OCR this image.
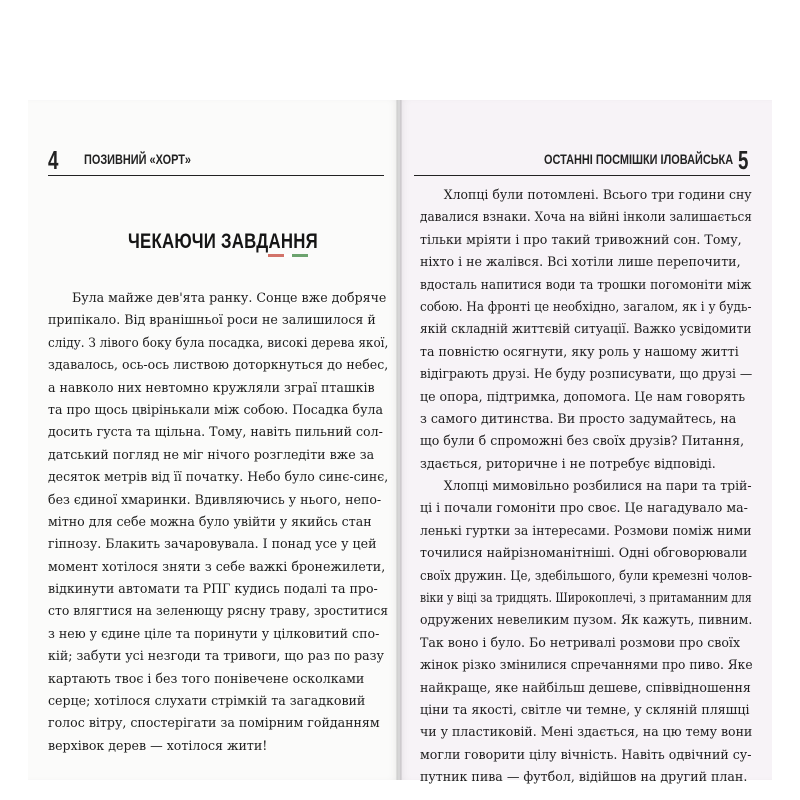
4 ПОЗИВНИЙ «ХОРТ»	ОСТАННІ ПОСМІШКИ ІЛОВАЙСЬКА 5
ЧЕКАЮЧИ ЗАВДАННЯ
Була майже дев'ята ранку. Сонце вже добряче
припікало. Від вранішньої роси не залишилося й
сліду. З лівого боку була посадка, високі дерева якої,
здавалось, ось-ось листвою доторкнуться до небес,
а навколо них невтомно кружляли зграї пташків
та про щось цвірінькали між собою. Посадка була
досить густа та щільна. Тому, навіть пильний сол-
датський погляд не міг нічого розгледіти вже за
десяток метрів від її початку. Небо було синє-синє,
без єдиної хмаринки. Вдивляючись у нього, непо-
мітно для себе можна було увійти у якийсь стан
гіпнозу. Блакить зачаровувала. І понад усе у цей
момент хотілося зняти з себе важкі бронежилети,
відкинути автомати та РПГ кудись подалі та про-
сто влягтися на зеленющу рясну траву, зроститися
з нею у єдине ціле та поринути у цілковитий спо-
кій; забути усі незгоди та тривоги, що раз по разу
картають твоє і без того понівечене осколками
серце; хотілося слухати стрімкій та загадковий
голос вітру, спостерігати за помірним гойданням
верхівок дерев — хотілося жити!
Хлопці були потомлені. Всього три години сну
давалися взнаки. Хоча на війні інколи залишається
тільки мріяти і про такий тривожний сон. Тому,
ніхто і не жалівся. Всі хотіли лише перепочити,
вдосталь напитися води та трошки погомоніти між
собою. На фронті це необхідно, загалом, як і у будь-
якій складній життєвій ситуації. Важко усвідомити
та повністю осягнути, яку роль у нашому житті
відіграють друзі. Не буду розписувати, що друзі —
це опора, підтримка, допомога. Це нам говорять
з самого дитинства. Ви просто задумайтесь, на
що були б спроможні без своїх друзів? Питання,
здається, риторичне і не потребує відповіді.
Хлопці мимовільно розбилися на пари та трій-
ці і почали гомоніти про своє. Це нагадувало ма-
ленькі гуртки за інтересами. Розмови поміж ними
точилися найрізноманітніші. Одні обговорювали
своїх дружин. Це, здебільшого, були кремезні чолов-
віки у віці за тридцять. Широкоплечі, з притаманним для
одружених невеликим пузом. Як кажуть, пивним.
Так воно і було. Бо нетривалі розмови про своїх
жінок різко змінилися спречаннями про пиво. Яке
найкраще, яке найбільш дешеве, співвідношення
ціни та якості, світле чи темне, у скляній пляшці
чи у пластиковій. Мені здається, на цю тему вони
могли говорити цілу вічність. Навіть одвічний су-
путник пива — футбол, відійшов на другий план.
